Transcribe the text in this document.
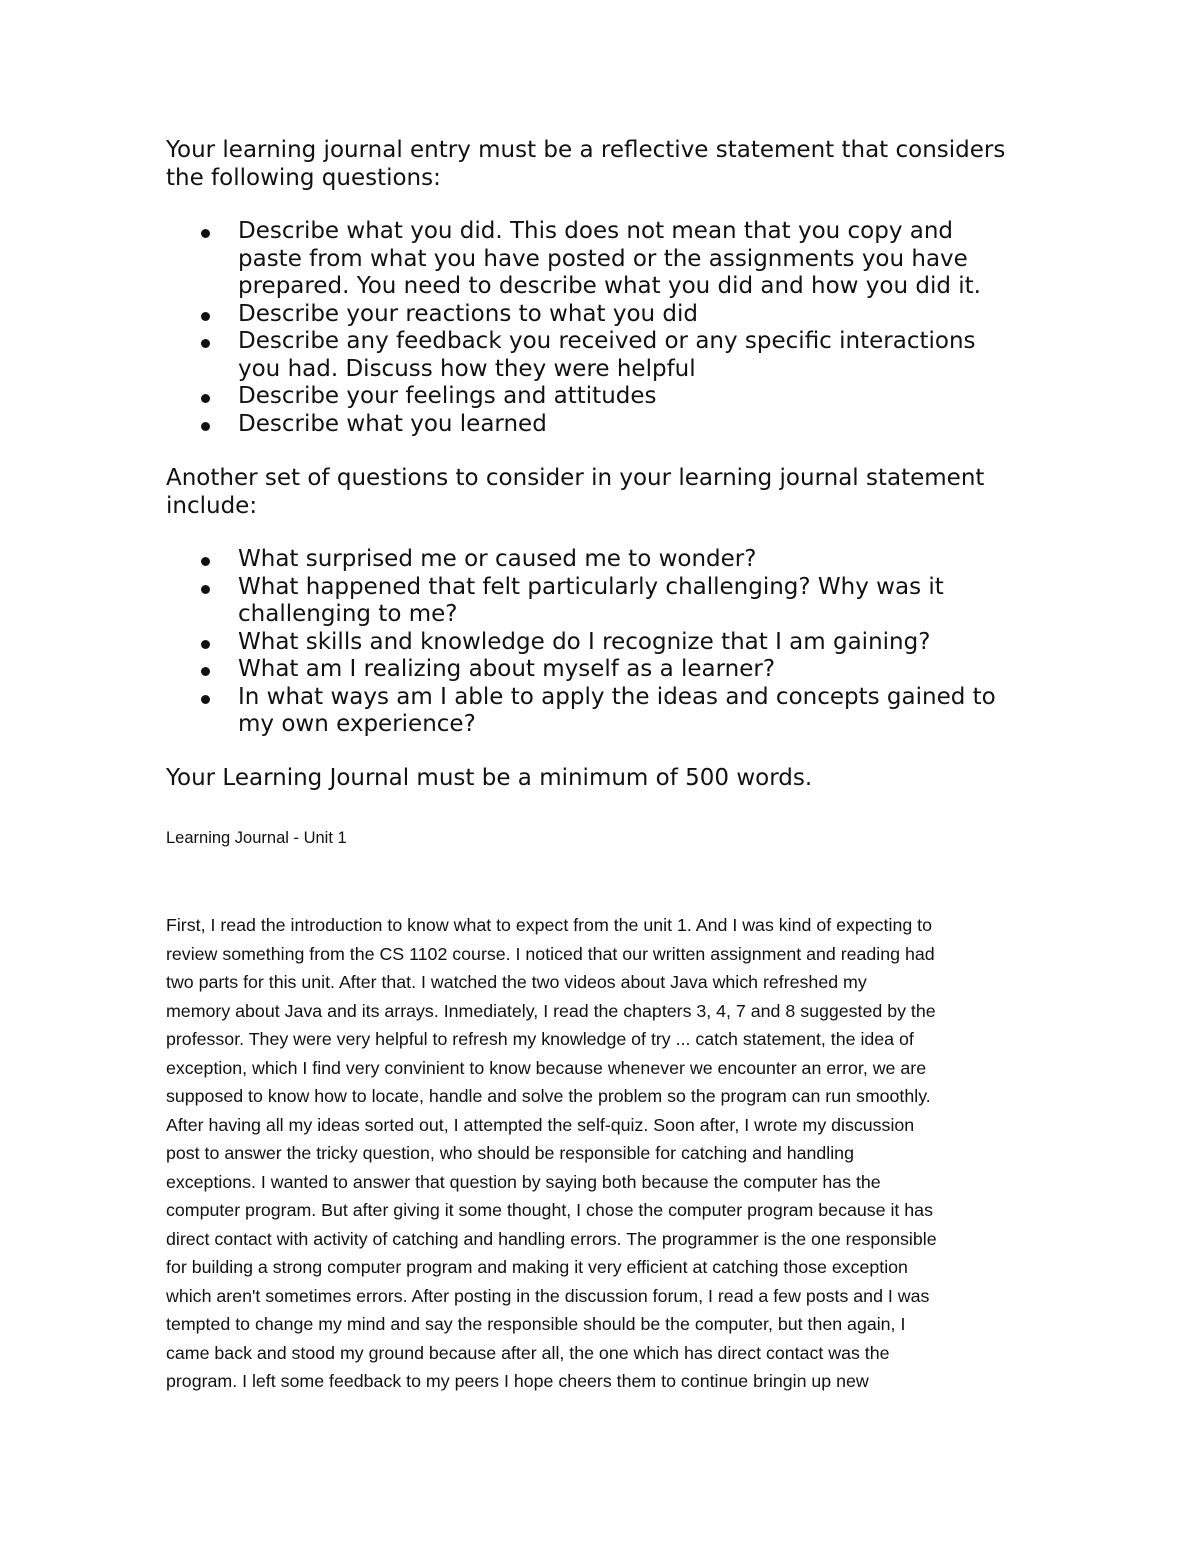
Your learning journal entry must be a reflective statement that considers
the following questions:

Describe what you did. This does not mean that you copy and
paste from what you have posted or the assignments you have
prepared. You need to describe what you did and how you did it.
Describe your reactions to what you did
Describe any feedback you received or any specific interactions
you had. Discuss how they were helpful
Describe your feelings and attitudes
Describe what you learned

Another set of questions to consider in your learning journal statement
include:

What surprised me or caused me to wonder?
What happened that felt particularly challenging? Why was it
challenging to me?
What skills and knowledge do I recognize that I am gaining?
What am I realizing about myself as a learner?
In what ways am I able to apply the ideas and concepts gained to
my own experience?

Your Learning Journal must be a minimum of 500 words.

Learning Journal - Unit 1

First, I read the introduction to know what to expect from the unit 1. And I was kind of expecting to
review something from the CS 1102 course. I noticed that our written assignment and reading had
two parts for this unit. After that. I watched the two videos about Java which refreshed my
memory about Java and its arrays. Inmediately, I read the chapters 3, 4, 7 and 8 suggested by the
professor. They were very helpful to refresh my knowledge of try ... catch statement, the idea of
exception, which I find very convinient to know because whenever we encounter an error, we are
supposed to know how to locate, handle and solve the problem so the program can run smoothly.
After having all my ideas sorted out, I attempted the self-quiz. Soon after, I wrote my discussion
post to answer the tricky question, who should be responsible for catching and handling
exceptions. I wanted to answer that question by saying both because the computer has the
computer program. But after giving it some thought, I chose the computer program because it has
direct contact with activity of catching and handling errors. The programmer is the one responsible
for building a strong computer program and making it very efficient at catching those exception
which aren't sometimes errors. After posting in the discussion forum, I read a few posts and I was
tempted to change my mind and say the responsible should be the computer, but then again, I
came back and stood my ground because after all, the one which has direct contact was the
program. I left some feedback to my peers I hope cheers them to continue bringin up new
